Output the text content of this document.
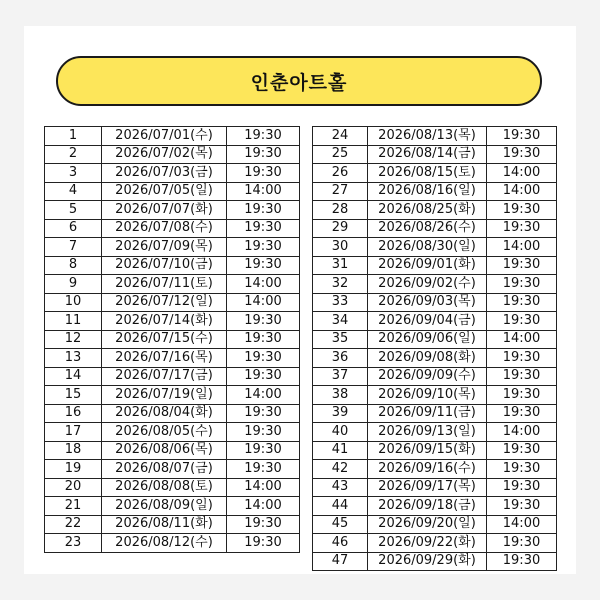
인춘아트홀
1	2026/07/01(수)	19:30
2	2026/07/02(목)	19:30
3	2026/07/03(금)	19:30
4	2026/07/05(일)	14:00
5	2026/07/07(화)	19:30
6	2026/07/08(수)	19:30
7	2026/07/09(목)	19:30
8	2026/07/10(금)	19:30
9	2026/07/11(토)	14:00
10	2026/07/12(일)	14:00
11	2026/07/14(화)	19:30
12	2026/07/15(수)	19:30
13	2026/07/16(목)	19:30
14	2026/07/17(금)	19:30
15	2026/07/19(일)	14:00
16	2026/08/04(화)	19:30
17	2026/08/05(수)	19:30
18	2026/08/06(목)	19:30
19	2026/08/07(금)	19:30
20	2026/08/08(토)	14:00
21	2026/08/09(일)	14:00
22	2026/08/11(화)	19:30
23	2026/08/12(수)	19:30
24	2026/08/13(목)	19:30
25	2026/08/14(금)	19:30
26	2026/08/15(토)	14:00
27	2026/08/16(일)	14:00
28	2026/08/25(화)	19:30
29	2026/08/26(수)	19:30
30	2026/08/30(일)	14:00
31	2026/09/01(화)	19:30
32	2026/09/02(수)	19:30
33	2026/09/03(목)	19:30
34	2026/09/04(금)	19:30
35	2026/09/06(일)	14:00
36	2026/09/08(화)	19:30
37	2026/09/09(수)	19:30
38	2026/09/10(목)	19:30
39	2026/09/11(금)	19:30
40	2026/09/13(일)	14:00
41	2026/09/15(화)	19:30
42	2026/09/16(수)	19:30
43	2026/09/17(목)	19:30
44	2026/09/18(금)	19:30
45	2026/09/20(일)	14:00
46	2026/09/22(화)	19:30
47	2026/09/29(화)	19:30
